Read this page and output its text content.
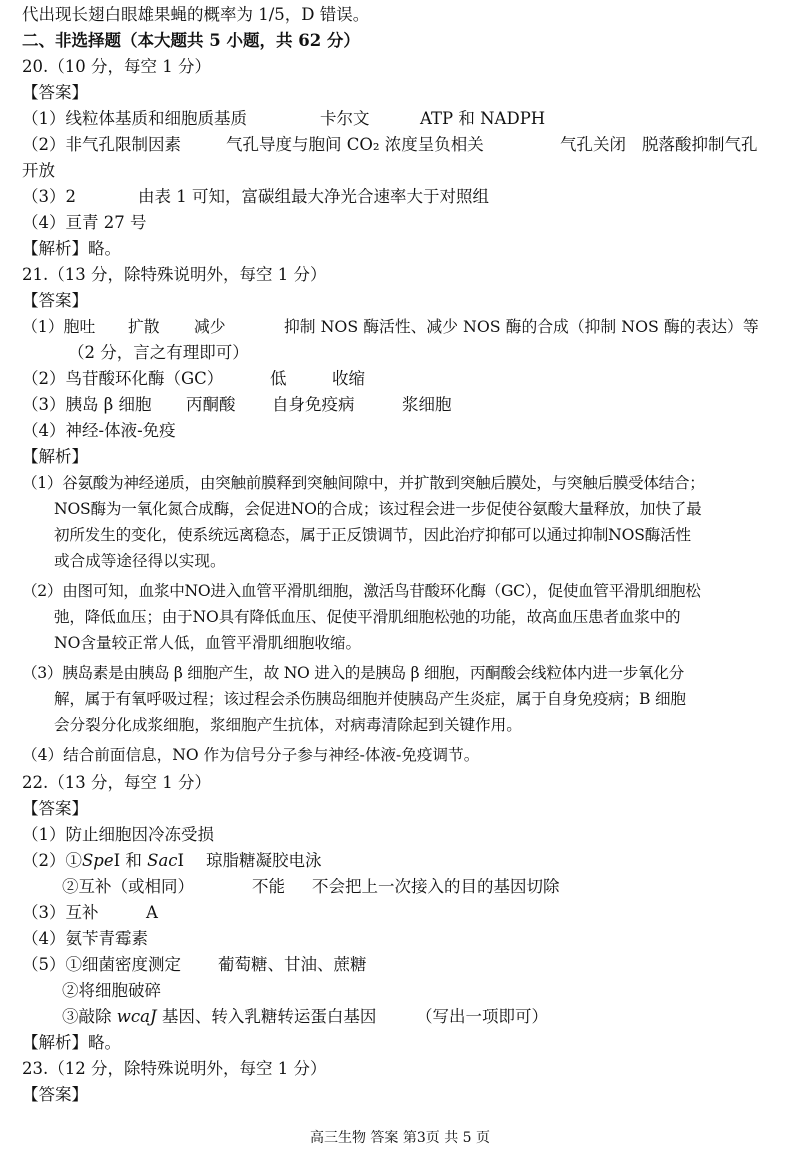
代出现长翅白眼雄果蝇的概率为 1/5，D 错误。
二、非选择题（本大题共 5 小题，共 62 分）
20.（10 分，每空 1 分）
【答案】
（1）线粒体基质和细胞质基质	卡尔文	ATP 和 NADPH
（2）非气孔限制因素	气孔导度与胞间 CO₂ 浓度呈负相关	气孔关闭 脱落酸抑制气孔
开放
（3）2	由表 1 可知，富碳组最大净光合速率大于对照组
（4）亘青 27 号
【解析】略。
21.（13 分，除特殊说明外，每空 1 分）
【答案】
（1）胞吐 扩散 减少	抑制 NOS 酶活性、减少 NOS 酶的合成（抑制 NOS 酶的表达）等
（2 分，言之有理即可）
（2）鸟苷酸环化酶（GC）	低	收缩
（3）胰岛 β 细胞 丙酮酸 自身免疫病	浆细胞
（4）神经-体液-免疫
【解析】
（1）谷氨酸为神经递质，由突触前膜释到突触间隙中，并扩散到突触后膜处，与突触后膜受体结合；
NOS酶为一氧化氮合成酶，会促进NO的合成；该过程会进一步促使谷氨酸大量释放，加快了最
初所发生的变化，使系统远离稳态，属于正反馈调节，因此治疗抑郁可以通过抑制NOS酶活性
或合成等途径得以实现。
（2）由图可知，血浆中NO进入血管平滑肌细胞，激活鸟苷酸环化酶（GC），促使血管平滑肌细胞松
弛，降低血压；由于NO具有降低血压、促使平滑肌细胞松弛的功能，故高血压患者血浆中的
NO含量较正常人低，血管平滑肌细胞收缩。
（3）胰岛素是由胰岛 β 细胞产生，故 NO 进入的是胰岛 β 细胞，丙酮酸会线粒体内进一步氧化分
解，属于有氧呼吸过程；该过程会杀伤胰岛细胞并使胰岛产生炎症，属于自身免疫病；B 细胞
会分裂分化成浆细胞，浆细胞产生抗体，对病毒清除起到关键作用。
（4）结合前面信息，NO 作为信号分子参与神经-体液-免疫调节。
22.（13 分，每空 1 分）
【答案】
（1）防止细胞因冷冻受损
（2）①SpeⅠ 和 SacⅠ 琼脂糖凝胶电泳
②互补（或相同）	不能 不会把上一次接入的目的基因切除
（3）互补	A
（4）氨苄青霉素
（5）①细菌密度测定 葡萄糖、甘油、蔗糖
②将细胞破碎
③敲除 wcaJ 基因、转入乳糖转运蛋白基因 （写出一项即可）
【解析】略。
23.（12 分，除特殊说明外，每空 1 分）
【答案】
高三生物 答案 第3页 共 5 页
